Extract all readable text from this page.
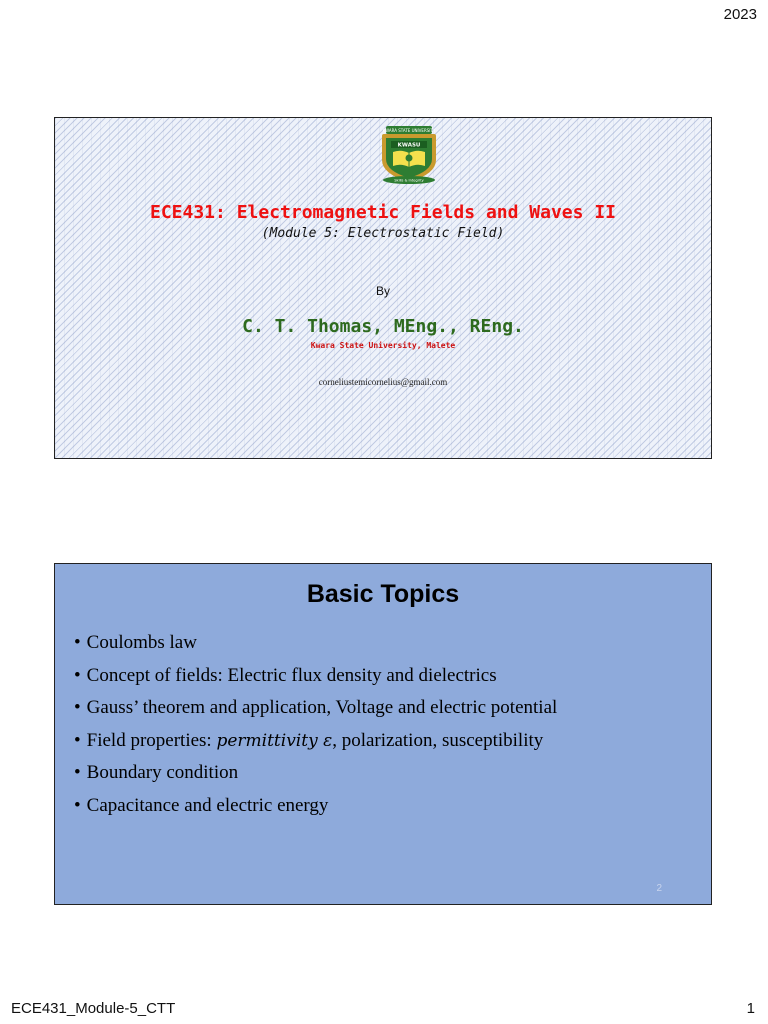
2023
KWARA STATE UNIVERSITY
KWASU
Skills & Integrity
ECE431: Electromagnetic Fields and Waves II
(Module 5: Electrostatic Field)
By
C. T. Thomas, MEng., REng.
Kwara State University, Malete
corneliustemicornelius@gmail.com
Basic Topics
• Coulombs law
• Concept of fields: Electric flux density and dielectrics
• Gauss’ theorem and application, Voltage and electric potential
• Field properties: permittivity ε, polarization, susceptibility
• Boundary condition
• Capacitance and electric energy
2
ECE431_Module-5_CTT	1
